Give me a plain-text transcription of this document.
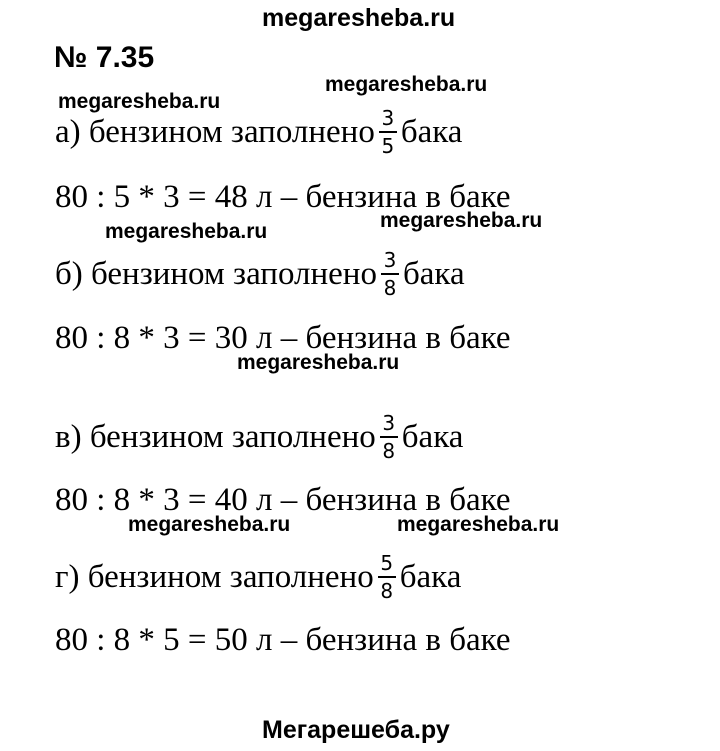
megaresheba.ru
megaresheba.ru
megaresheba.ru
megaresheba.ru
megaresheba.ru
megaresheba.ru
megaresheba.ru	megaresheba.ru
Мегарешеба.ру
№ 7.35
а) бензином заполнено $\frac{3}{5}$ бака
80 : 5 * 3 = 48 л – бензина в баке
б) бензином заполнено $\frac{3}{8}$ бака
80 : 8 * 3 = 30 л – бензина в баке
в) бензином заполнено $\frac{3}{8}$ бака
80 : 8 * 3 = 40 л – бензина в баке
г) бензином заполнено $\frac{5}{8}$ бака
80 : 8 * 5 = 50 л – бензина в баке
